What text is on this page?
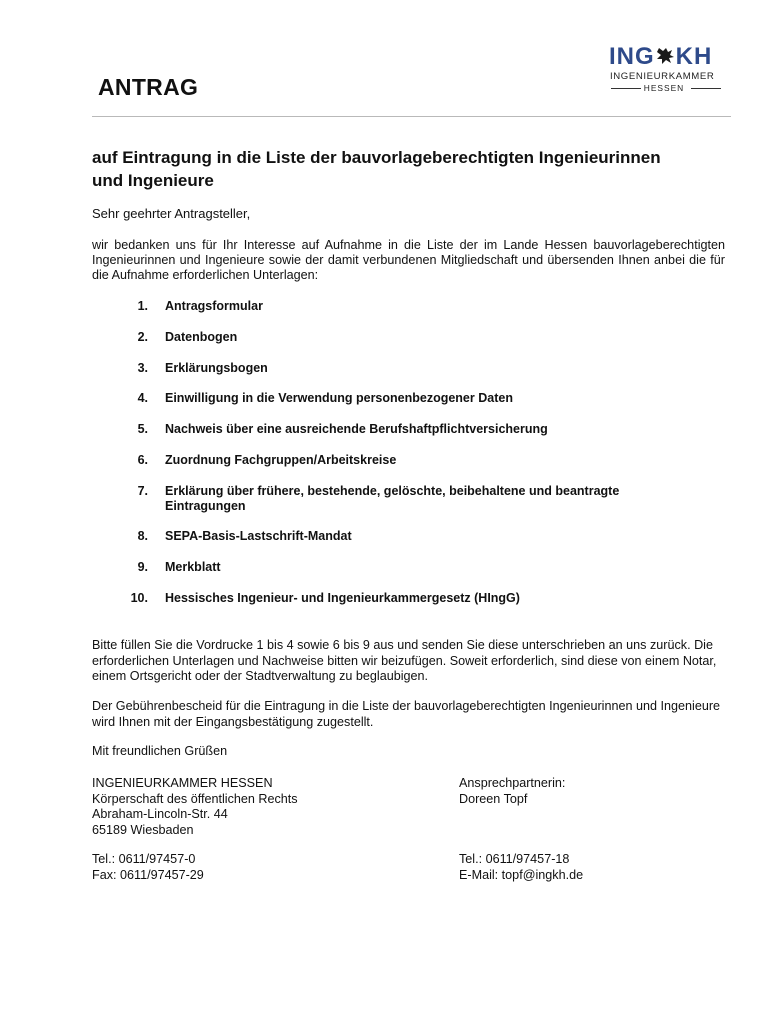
ANTRAG
ING KH
INGENIEURKAMMER
HESSEN
auf Eintragung in die Liste der bauvorlageberechtigten Ingenieurinnen und Ingenieure
Sehr geehrter Antragsteller,
wir bedanken uns für Ihr Interesse auf Aufnahme in die Liste der im Lande Hessen bauvorlageberechtigten Ingenieurinnen und Ingenieure sowie der damit verbundenen Mitgliedschaft und übersenden Ihnen anbei die für die Aufnahme erforderlichen Unterlagen:
1. Antragsformular
2. Datenbogen
3. Erklärungsbogen
4. Einwilligung in die Verwendung personenbezogener Daten
5. Nachweis über eine ausreichende Berufshaftpflichtversicherung
6. Zuordnung Fachgruppen/Arbeitskreise
7. Erklärung über frühere, bestehende, gelöschte, beibehaltene und beantragte Eintragungen
8. SEPA-Basis-Lastschrift-Mandat
9. Merkblatt
10. Hessisches Ingenieur- und Ingenieurkammergesetz (HIngG)
Bitte füllen Sie die Vordrucke 1 bis 4 sowie 6 bis 9 aus und senden Sie diese unterschrieben an uns zurück. Die erforderlichen Unterlagen und Nachweise bitten wir beizufügen. Soweit erforderlich, sind diese von einem Notar, einem Ortsgericht oder der Stadtverwaltung zu beglaubigen.
Der Gebührenbescheid für die Eintragung in die Liste der bauvorlageberechtigten Ingenieurinnen und Ingenieure wird Ihnen mit der Eingangsbestätigung zugestellt.
Mit freundlichen Grüßen
INGENIEURKAMMER HESSEN
Körperschaft des öffentlichen Rechts
Abraham-Lincoln-Str. 44
65189 Wiesbaden
Ansprechpartnerin:
Doreen Topf
Tel.: 0611/97457-0
Fax: 0611/97457-29
Tel.: 0611/97457-18
E-Mail: topf@ingkh.de
